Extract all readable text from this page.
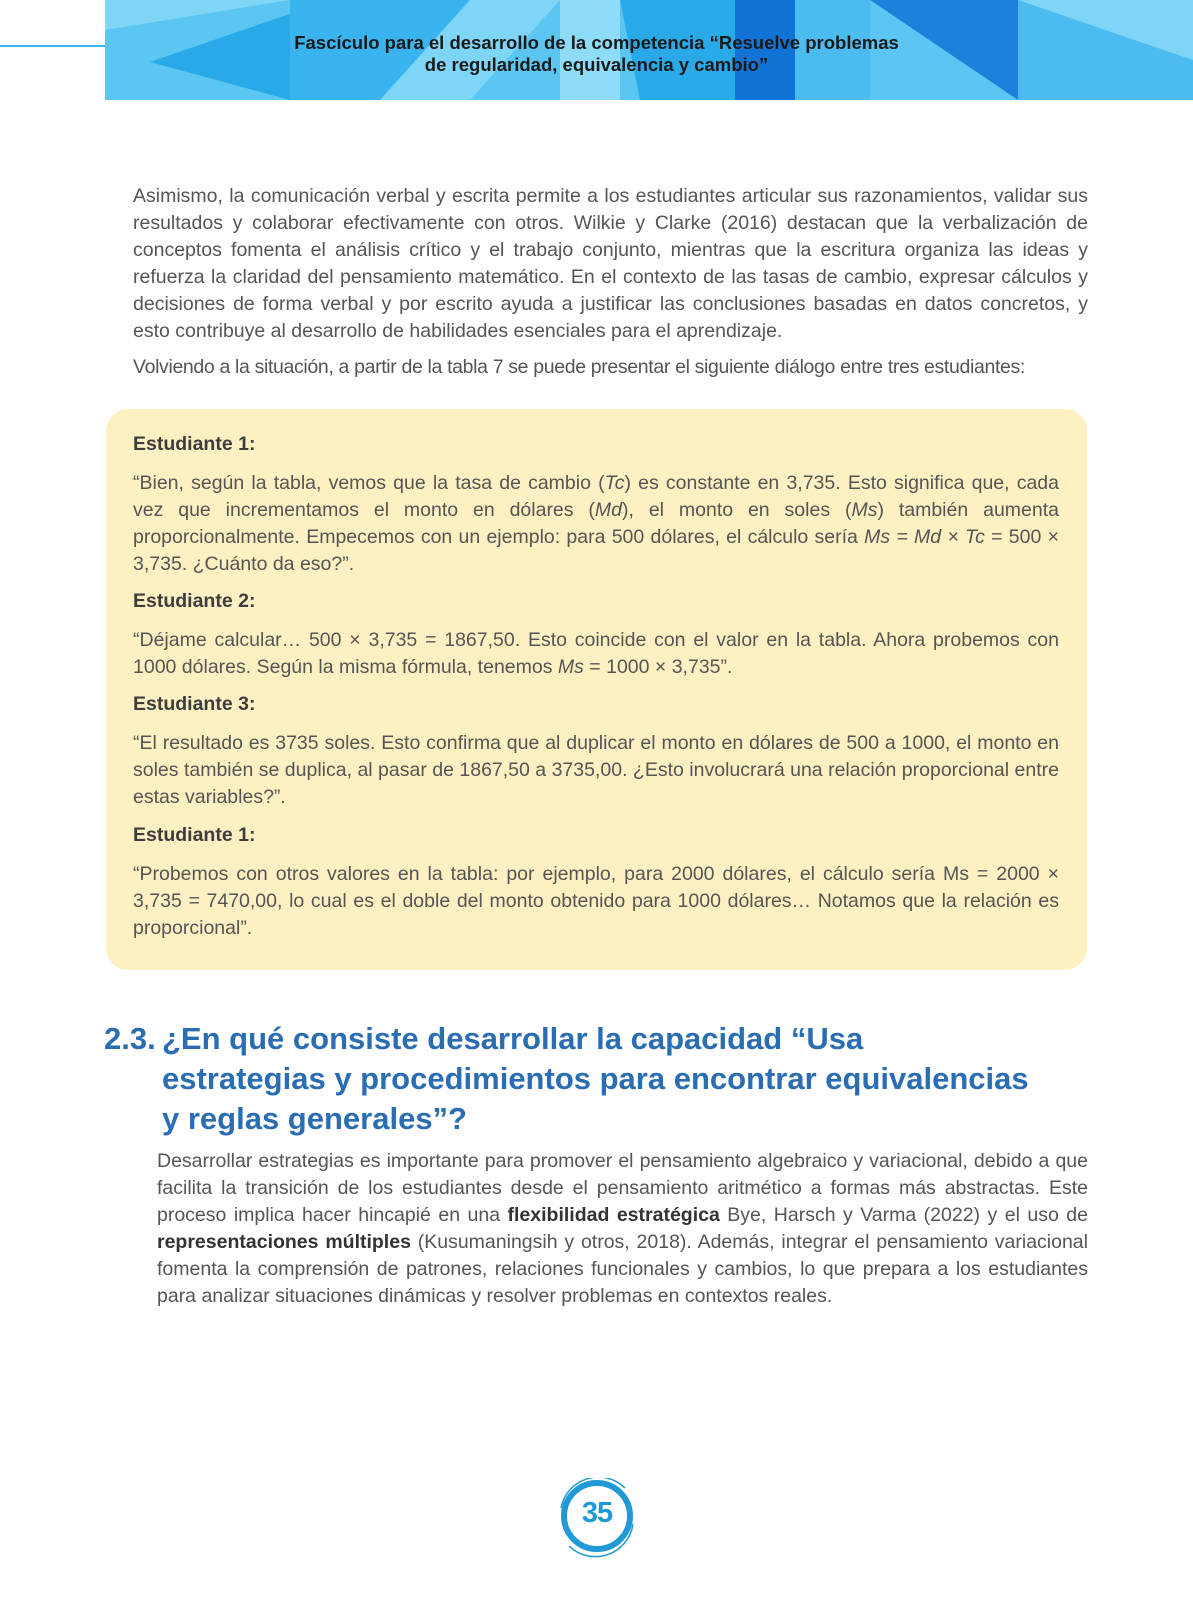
Fascículo para el desarrollo de la competencia “Resuelve problemas
de regularidad, equivalencia y cambio”

Asimismo, la comunicación verbal y escrita permite a los estudiantes articular sus razonamientos, validar sus resultados y colaborar efectivamente con otros. Wilkie y Clarke (2016) destacan que la verbalización de conceptos fomenta el análisis crítico y el trabajo conjunto, mientras que la escritura organiza las ideas y refuerza la claridad del pensamiento matemático. En el contexto de las tasas de cambio, expresar cálculos y decisiones de forma verbal y por escrito ayuda a justificar las conclusiones basadas en datos concretos, y esto contribuye al desarrollo de habilidades esenciales para el aprendizaje.

Volviendo a la situación, a partir de la tabla 7 se puede presentar el siguiente diálogo entre tres estudiantes:

Estudiante 1:

“Bien, según la tabla, vemos que la tasa de cambio (Tc) es constante en 3,735. Esto significa que, cada vez que incrementamos el monto en dólares (Md), el monto en soles (Ms) también aumenta proporcionalmente. Empecemos con un ejemplo: para 500 dólares, el cálculo sería Ms = Md × Tc = 500 × 3,735. ¿Cuánto da eso?”.

Estudiante 2:

“Déjame calcular… 500 × 3,735 = 1867,50. Esto coincide con el valor en la tabla. Ahora probemos con 1000 dólares. Según la misma fórmula, tenemos Ms = 1000 × 3,735”.

Estudiante 3:

“El resultado es 3735 soles. Esto confirma que al duplicar el monto en dólares de 500 a 1000, el monto en soles también se duplica, al pasar de 1867,50 a 3735,00. ¿Esto involucrará una relación proporcional entre estas variables?”.

Estudiante 1:

“Probemos con otros valores en la tabla: por ejemplo, para 2000 dólares, el cálculo sería Ms = 2000 × 3,735 = 7470,00, lo cual es el doble del monto obtenido para 1000 dólares… Notamos que la relación es proporcional”.

2.3. ¿En qué consiste desarrollar la capacidad “Usa
estrategias y procedimientos para encontrar equivalencias
y reglas generales”?

Desarrollar estrategias es importante para promover el pensamiento algebraico y variacional, debido a que facilita la transición de los estudiantes desde el pensamiento aritmético a formas más abstractas. Este proceso implica hacer hincapié en una flexibilidad estratégica Bye, Harsch y Varma (2022) y el uso de representaciones múltiples (Kusumaningsih y otros, 2018). Además, integrar el pensamiento variacional fomenta la comprensión de patrones, relaciones funcionales y cambios, lo que prepara a los estudiantes para analizar situaciones dinámicas y resolver problemas en contextos reales.

35
